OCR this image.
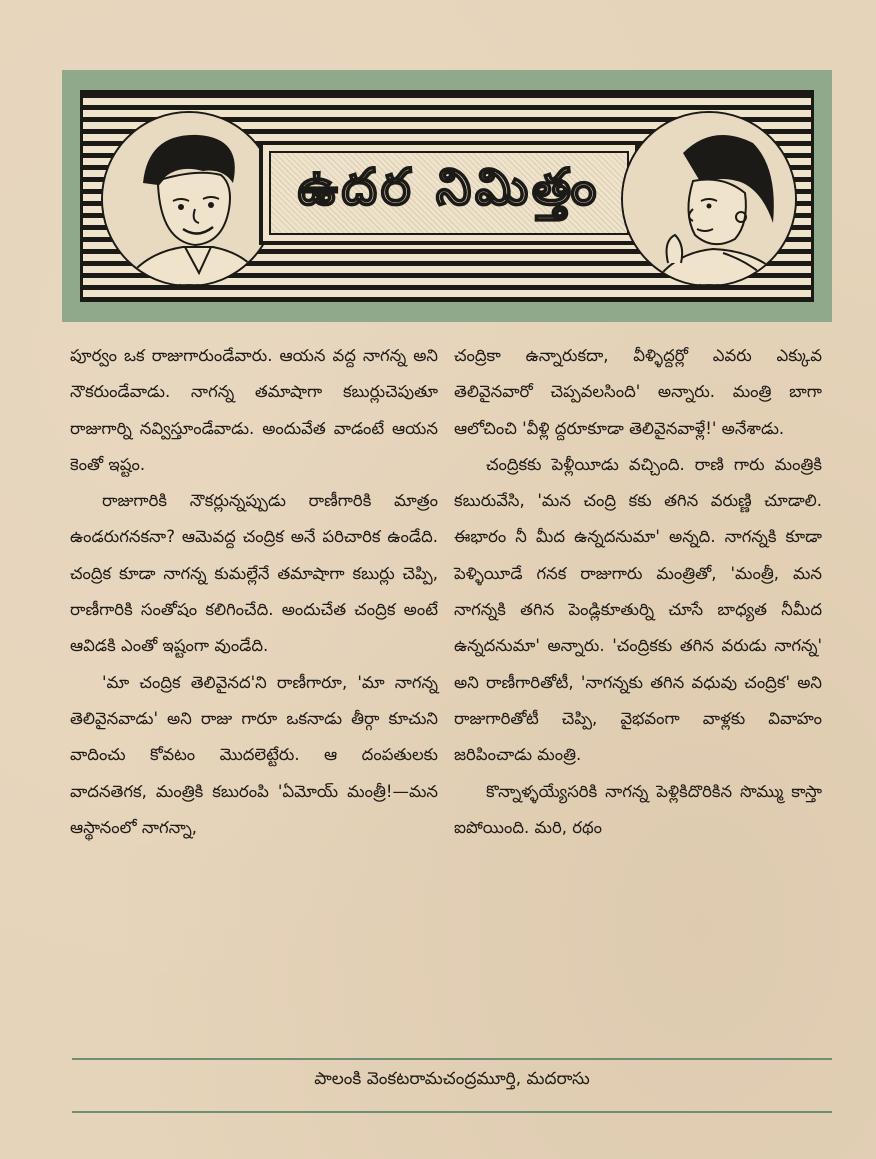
ఉదర నిమిత్తం

పూర్వం ఒక రాజుగారుండేవారు. ఆయన వద్ద నాగన్న అని నౌకరుండేవాడు. నాగన్న తమాషాగా కబుర్లుచెపుతూ రాజుగార్ని నవ్విస్తూండేవాడు. అందువేత వాడంటే ఆయన కెంతో ఇష్టం.

రాజుగారికి నౌకర్లున్నప్పుడు రాణీగారికి మాత్రం ఉండరుగనకనా? ఆమెవద్ద చంద్రిక అనే పరిచారిక ఉండేది. చంద్రిక కూడా నాగన్న కుమల్లేనే తమాషాగా కబుర్లు చెప్పి, రాణీగారికి సంతోషం కలిగించేది. అందుచేత చంద్రిక అంటే ఆవిడకి ఎంతో ఇష్టంగా వుండేది.

'మా చంద్రిక తెలివైనద'ని రాణీగారూ, 'మా నాగన్న తెలివైనవాడు' అని రాజు గారూ ఒకనాడు తీర్గా కూచుని వాదించు కోవటం మొదలెట్టేరు. ఆ దంపతులకు వాదనతెగక, మంత్రికి కబురంపి 'ఏమోయ్ మంత్రీ!—మన ఆస్థానంలో నాగన్నా,

చంద్రికా ఉన్నారుకదా, వీళ్ళిద్దర్లో ఎవరు ఎక్కువ తెలివైనవారో చెప్పవలసింది' అన్నారు. మంత్రి బాగా ఆలోచించి 'వీళ్లి ద్దరూకూడా తెలివైనవాళ్లే!' అనేశాడు.

చంద్రికకు పెళ్లీయీడు వచ్చింది. రాణి గారు మంత్రికి కబురువేసి, 'మన చంద్రి కకు తగిన వరుణ్ణి చూడాలి. ఈభారం నీ మీద ఉన్నదనుమా' అన్నది. నాగన్నకి కూడా పెళ్ళియీడే గనక రాజుగారు మంత్రితో, 'మంత్రీ, మన నాగన్నకి తగిన పెండ్లికూతుర్ని చూసే బాధ్యత నీమీద ఉన్నదనుమా' అన్నారు. 'చంద్రికకు తగిన వరుడు నాగన్న' అని రాణీగారితోటీ, 'నాగన్నకు తగిన వధువు చంద్రిక' అని రాజుగారితోటీ చెప్పి, వైభవంగా వాళ్లకు వివాహం జరిపించాడు మంత్రి.

కొన్నాళ్ళయ్యేసరికి నాగన్న పెళ్లికిదొరికిన సొమ్ము కాస్తా ఐపోయింది. మరి, రథం

పాలంకి వెంకటరామచంద్రమూర్తి, మదరాసు
